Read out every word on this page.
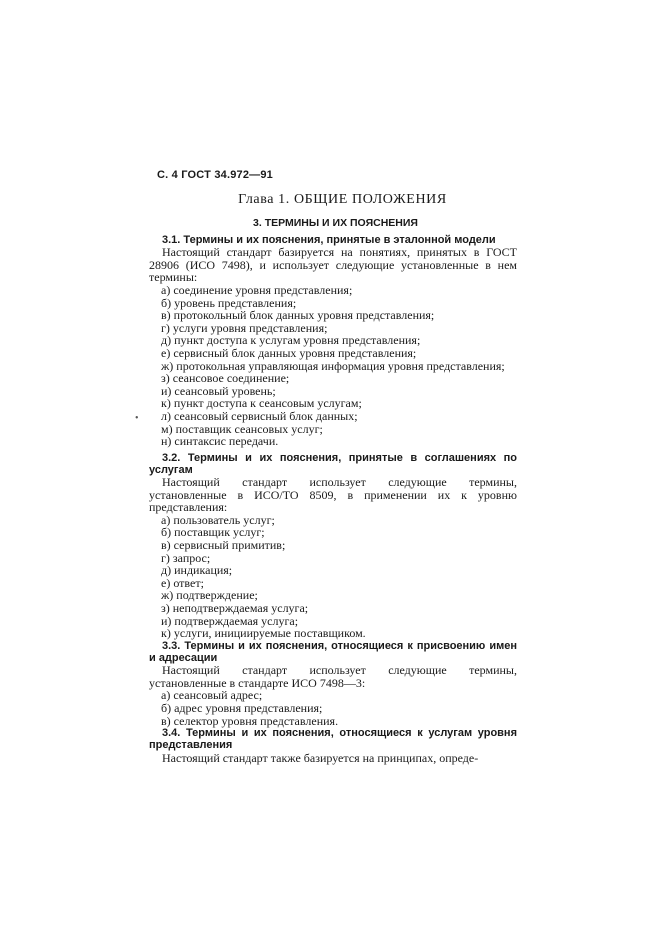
С. 4 ГОСТ 34.972—91
Глава 1. ОБЩИЕ ПОЛОЖЕНИЯ
3. ТЕРМИНЫ И ИХ ПОЯСНЕНИЯ

3.1. Термины и их пояснения, принятые в эталонной модели

Настоящий стандарт базируется на понятиях, принятых в ГОСТ 28906 (ИСО 7498), и использует следующие установленные в нем термины:

а) соединение уровня представления;

б) уровень представления;

в) протокольный блок данных уровня представления;

г) услуги уровня представления;

д) пункт доступа к услугам уровня представления;

е) сервисный блок данных уровня представления;

ж) протокольная управляющая информация уровня представления;

з) сеансовое соединение;

и) сеансовый уровень;

к) пункт доступа к сеансовым услугам;

л) сеансовый сервисный блок данных;

м) поставщик сеансовых услуг;

н) синтаксис передачи.

3.2. Термины и их пояснения, принятые в соглашениях по услугам

Настоящий стандарт использует следующие термины, установленные в ИСО/ТО 8509, в применении их к уровню представления:

а) пользователь услуг;

б) поставщик услуг;

в) сервисный примитив;

г) запрос;

д) индикация;

е) ответ;

ж) подтверждение;

з) неподтверждаемая услуга;

и) подтверждаемая услуга;

к) услуги, инициируемые поставщиком.

3.3. Термины и их пояснения, относящиеся к присвоению имен и адресации

Настоящий стандарт использует следующие термины, установленные в стандарте ИСО 7498—3:

а) сеансовый адрес;

б) адрес уровня представления;

в) селектор уровня представления.

3.4. Термины и их пояснения, относящиеся к услугам уровня представления

Настоящий стандарт также базируется на принципах, опреде-

•
